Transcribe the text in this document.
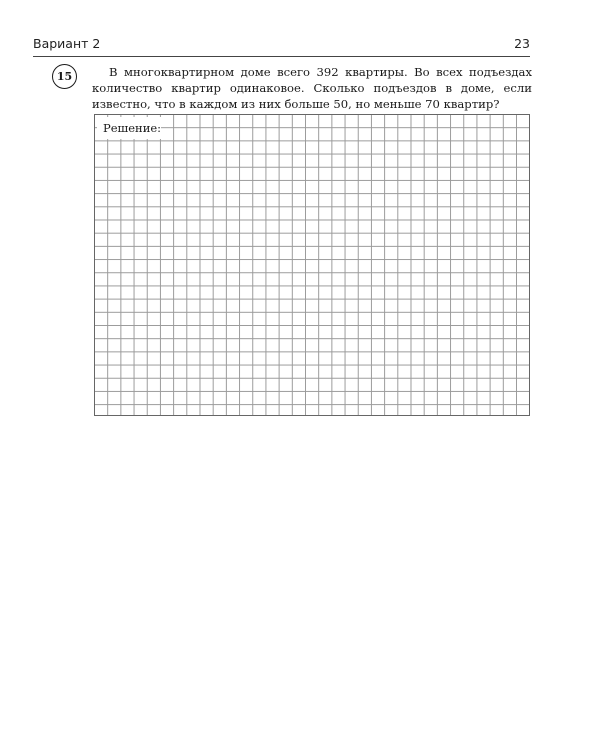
Вариант 2	23
15	В многоквартирном доме всего 392 квартиры. Во всех подъездах количество квартир одинаковое. Сколько подъездов в доме, если известно, что в каждом из них больше 50, но меньше 70 квартир?

Решение:
